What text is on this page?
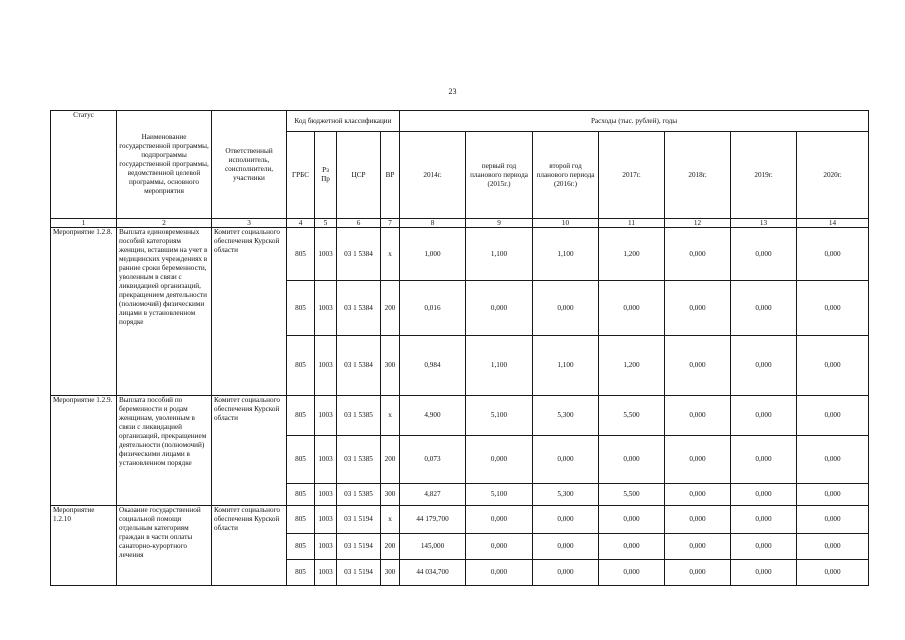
23
Статус	Наименование государственной программы, подпрограммы государственной программы, ведомственной целевой программы, основного мероприятия	Ответственный исполнитель, соисполнители, участники	Код бюджетной классификации				Расходы (тыс. рублей), годы						
			ГРБС	Рз Пр	ЦСР	ВР	2014г.	первый год планового периода (2015г.)	второй год планового периода (2016г.)	2017г.	2018г.	2019г.	2020г.
1	2	3	4	5	6	7	8	9	10	11	12	13	14
Мероприятие 1.2.8.	Выплата единовременных пособий категориям женщин, вставшим на учет в медицинских учреждениях в ранние сроки беременности, уволенным в связи с ликвидацией организаций, прекращением деятельности (полномочий) физическими лицами в установленном порядке	Комитет социального обеспечения Курской области	805	1003	03 1 5384	x	1,000	1,100	1,100	1,200	0,000	0,000	0,000
			805	1003	03 1 5384	200	0,016	0,000	0,000	0,000	0,000	0,000	0,000
			805	1003	03 1 5384	300	0,984	1,100	1,100	1,200	0,000	0,000	0,000
Мероприятие 1.2.9.	Выплата пособий по беременности и родам женщинам, уволенным в связи с ликвидацией организаций, прекращением деятельности (полномочий) физическими лицами в установленном порядке	Комитет социального обеспечения Курской области	805	1003	03 1 5385	x	4,900	5,100	5,300	5,500	0,000	0,000	0,000
			805	1003	03 1 5385	200	0,073	0,000	0,000	0,000	0,000	0,000	0,000
			805	1003	03 1 5385	300	4,827	5,100	5,300	5,500	0,000	0,000	0,000
Мероприятие 1.2.10	Оказание государственной социальной помощи отдельным категориям граждан в части оплаты санаторно-курортного лечения	Комитет социального обеспечения Курской области	805	1003	03 1 5194	x	44 179,700	0,000	0,000	0,000	0,000	0,000	0,000
			805	1003	03 1 5194	200	145,000	0,000	0,000	0,000	0,000	0,000	0,000
			805	1003	03 1 5194	300	44 034,700	0,000	0,000	0,000	0,000	0,000	0,000
